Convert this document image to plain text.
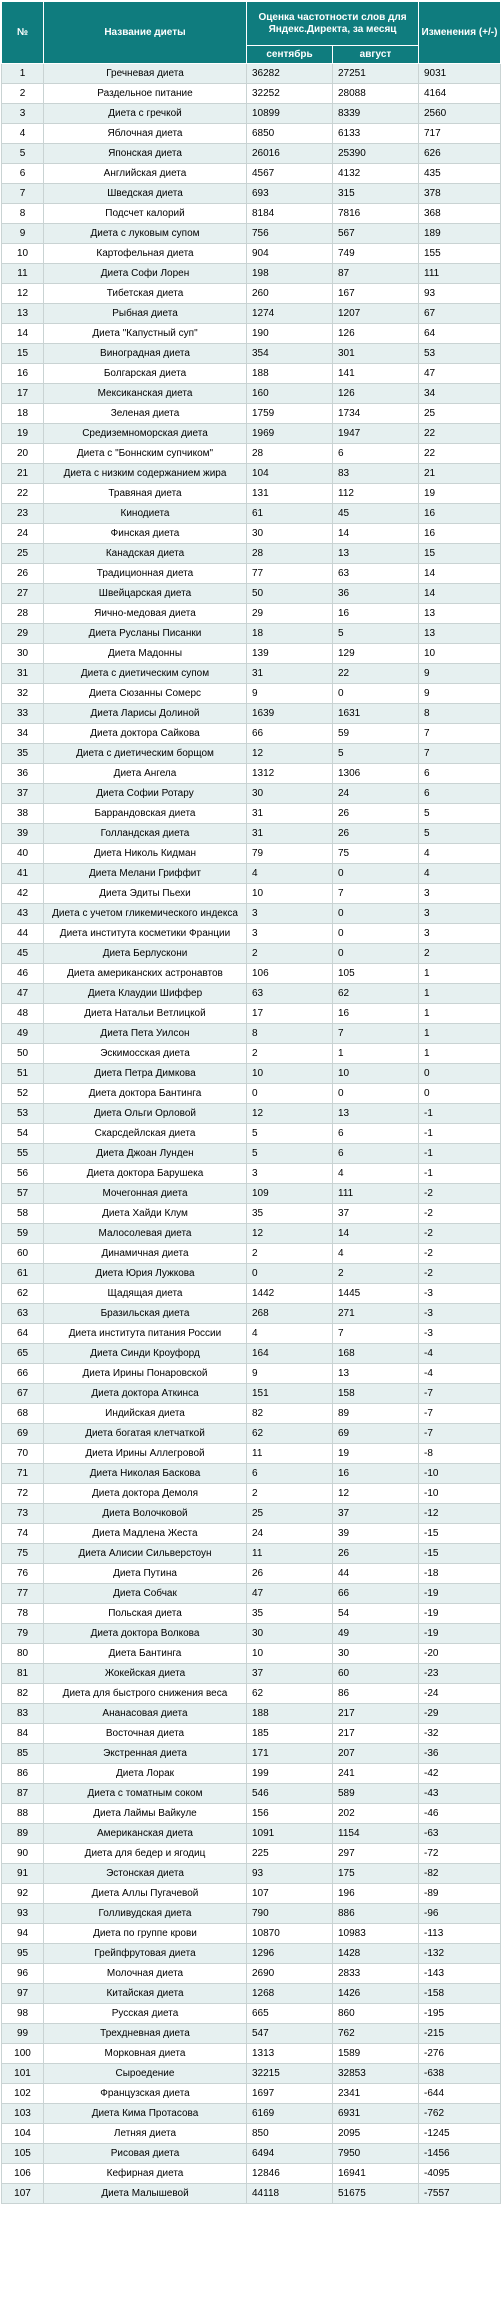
№	Название диеты	Оценка частотности слов для Яндекс.Директа, за месяц		Изменения (+/-)
		сентябрь	август	
1	Гречневая диета	36282	27251	9031
2	Раздельное питание	32252	28088	4164
3	Диета с гречкой	10899	8339	2560
4	Яблочная диета	6850	6133	717
5	Японская диета	26016	25390	626
6	Английская диета	4567	4132	435
7	Шведская диета	693	315	378
8	Подсчет калорий	8184	7816	368
9	Диета с луковым супом	756	567	189
10	Картофельная диета	904	749	155
11	Диета Софи Лорен	198	87	111
12	Тибетская диета	260	167	93
13	Рыбная диета	1274	1207	67
14	Диета "Капустный суп"	190	126	64
15	Виноградная диета	354	301	53
16	Болгарская диета	188	141	47
17	Мексиканская диета	160	126	34
18	Зеленая диета	1759	1734	25
19	Средиземноморская диета	1969	1947	22
20	Диета с "Боннским супчиком"	28	6	22
21	Диета с низким содержанием жира	104	83	21
22	Травяная диета	131	112	19
23	Кинодиета	61	45	16
24	Финская диета	30	14	16
25	Канадская диета	28	13	15
26	Традиционная диета	77	63	14
27	Швейцарская диета	50	36	14
28	Яично-медовая диета	29	16	13
29	Диета Русланы Писанки	18	5	13
30	Диета Мадонны	139	129	10
31	Диета с диетическим супом	31	22	9
32	Диета Сюзанны Сомерс	9	0	9
33	Диета Ларисы Долиной	1639	1631	8
34	Диета доктора Сайкова	66	59	7
35	Диета с диетическим борщом	12	5	7
36	Диета Ангела	1312	1306	6
37	Диета Софии Ротару	30	24	6
38	Баррандовская диета	31	26	5
39	Голландская диета	31	26	5
40	Диета Николь Кидман	79	75	4
41	Диета Мелани Гриффит	4	0	4
42	Диета Эдиты Пьехи	10	7	3
43	Диета с учетом гликемического индекса	3	0	3
44	Диета института косметики Франции	3	0	3
45	Диета Берлускони	2	0	2
46	Диета американских астронавтов	106	105	1
47	Диета Клаудии Шиффер	63	62	1
48	Диета Натальи Ветлицкой	17	16	1
49	Диета Пета Уилсон	8	7	1
50	Эскимосская диета	2	1	1
51	Диета Петра Димкова	10	10	0
52	Диета доктора Бантинга	0	0	0
53	Диета Ольги Орловой	12	13	-1
54	Скарсдейлская диета	5	6	-1
55	Диета Джоан Лунден	5	6	-1
56	Диета доктора Барушека	3	4	-1
57	Мочегонная диета	109	111	-2
58	Диета Хайди Клум	35	37	-2
59	Малосолевая диета	12	14	-2
60	Динамичная диета	2	4	-2
61	Диета Юрия Лужкова	0	2	-2
62	Щадящая диета	1442	1445	-3
63	Бразильская диета	268	271	-3
64	Диета института питания России	4	7	-3
65	Диета Синди Кроуфорд	164	168	-4
66	Диета Ирины Понаровской	9	13	-4
67	Диета доктора Аткинса	151	158	-7
68	Индийская диета	82	89	-7
69	Диета богатая клетчаткой	62	69	-7
70	Диета Ирины Аллегровой	11	19	-8
71	Диета Николая Баскова	6	16	-10
72	Диета доктора Демоля	2	12	-10
73	Диета Волочковой	25	37	-12
74	Диета Мадлена Жеста	24	39	-15
75	Диета Алисии Сильверстоун	11	26	-15
76	Диета Путина	26	44	-18
77	Диета Собчак	47	66	-19
78	Польская диета	35	54	-19
79	Диета доктора Волкова	30	49	-19
80	Диета Бантинга	10	30	-20
81	Жокейская диета	37	60	-23
82	Диета для быстрого снижения веса	62	86	-24
83	Ананасовая диета	188	217	-29
84	Восточная диета	185	217	-32
85	Экстренная диета	171	207	-36
86	Диета Лорак	199	241	-42
87	Диета с томатным соком	546	589	-43
88	Диета Лаймы Вайкуле	156	202	-46
89	Американская диета	1091	1154	-63
90	Диета для бедер и ягодиц	225	297	-72
91	Эстонская диета	93	175	-82
92	Диета Аллы Пугачевой	107	196	-89
93	Голливудская диета	790	886	-96
94	Диета по группе крови	10870	10983	-113
95	Грейпфрутовая диета	1296	1428	-132
96	Молочная диета	2690	2833	-143
97	Китайская диета	1268	1426	-158
98	Русская диета	665	860	-195
99	Трехдневная диета	547	762	-215
100	Морковная диета	1313	1589	-276
101	Сыроедение	32215	32853	-638
102	Французская диета	1697	2341	-644
103	Диета Кима Протасова	6169	6931	-762
104	Летняя диета	850	2095	-1245
105	Рисовая диета	6494	7950	-1456
106	Кефирная диета	12846	16941	-4095
107	Диета Малышевой	44118	51675	-7557
